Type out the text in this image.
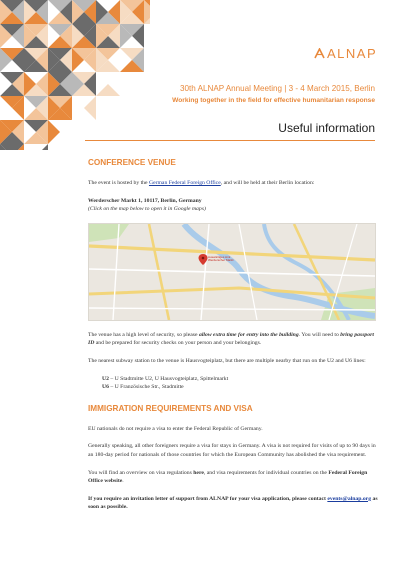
ALNAP
30th ALNAP Annual Meeting | 3 - 4 March 2015, Berlin
Working together in the field for effective humanitarian response
Useful information
CONFERENCE VENUE

The event is hosted by the German Federal Foreign Office, and will be held at their Berlin location:

Werderscher Markt 1, 10117, Berlin, Germany
(Click on the map below to open it in Google maps)

Auswärtiges Amt Werderscher Markt

The venue has a high level of security, so please allow extra time for entry into the building. You will need to bring passport ID and be prepared for security checks on your person and your belongings.

The nearest subway station to the venue is Hausvogteiplatz, but there are multiple nearby that run on the U2 and U6 lines:

U2 – U Stadtmitte U2, U Hausvogteiplatz, Spittelmarkt
U6 – U Französische Str., Stadmitte
IMMIGRATION REQUIREMENTS AND VISA

EU nationals do not require a visa to enter the Federal Republic of Germany.

Generally speaking, all other foreigners require a visa for stays in Germany. A visa is not required for visits of up to 90 days in an 180-day period for nationals of those countries for which the European Community has abolished the visa requirement.

You will find an overview on visa regulations here, and visa requirements for individual countries on the Federal Foreign Office website.

If you require an invitation letter of support from ALNAP for your visa application, please contact events@alnap.org as soon as possible.
